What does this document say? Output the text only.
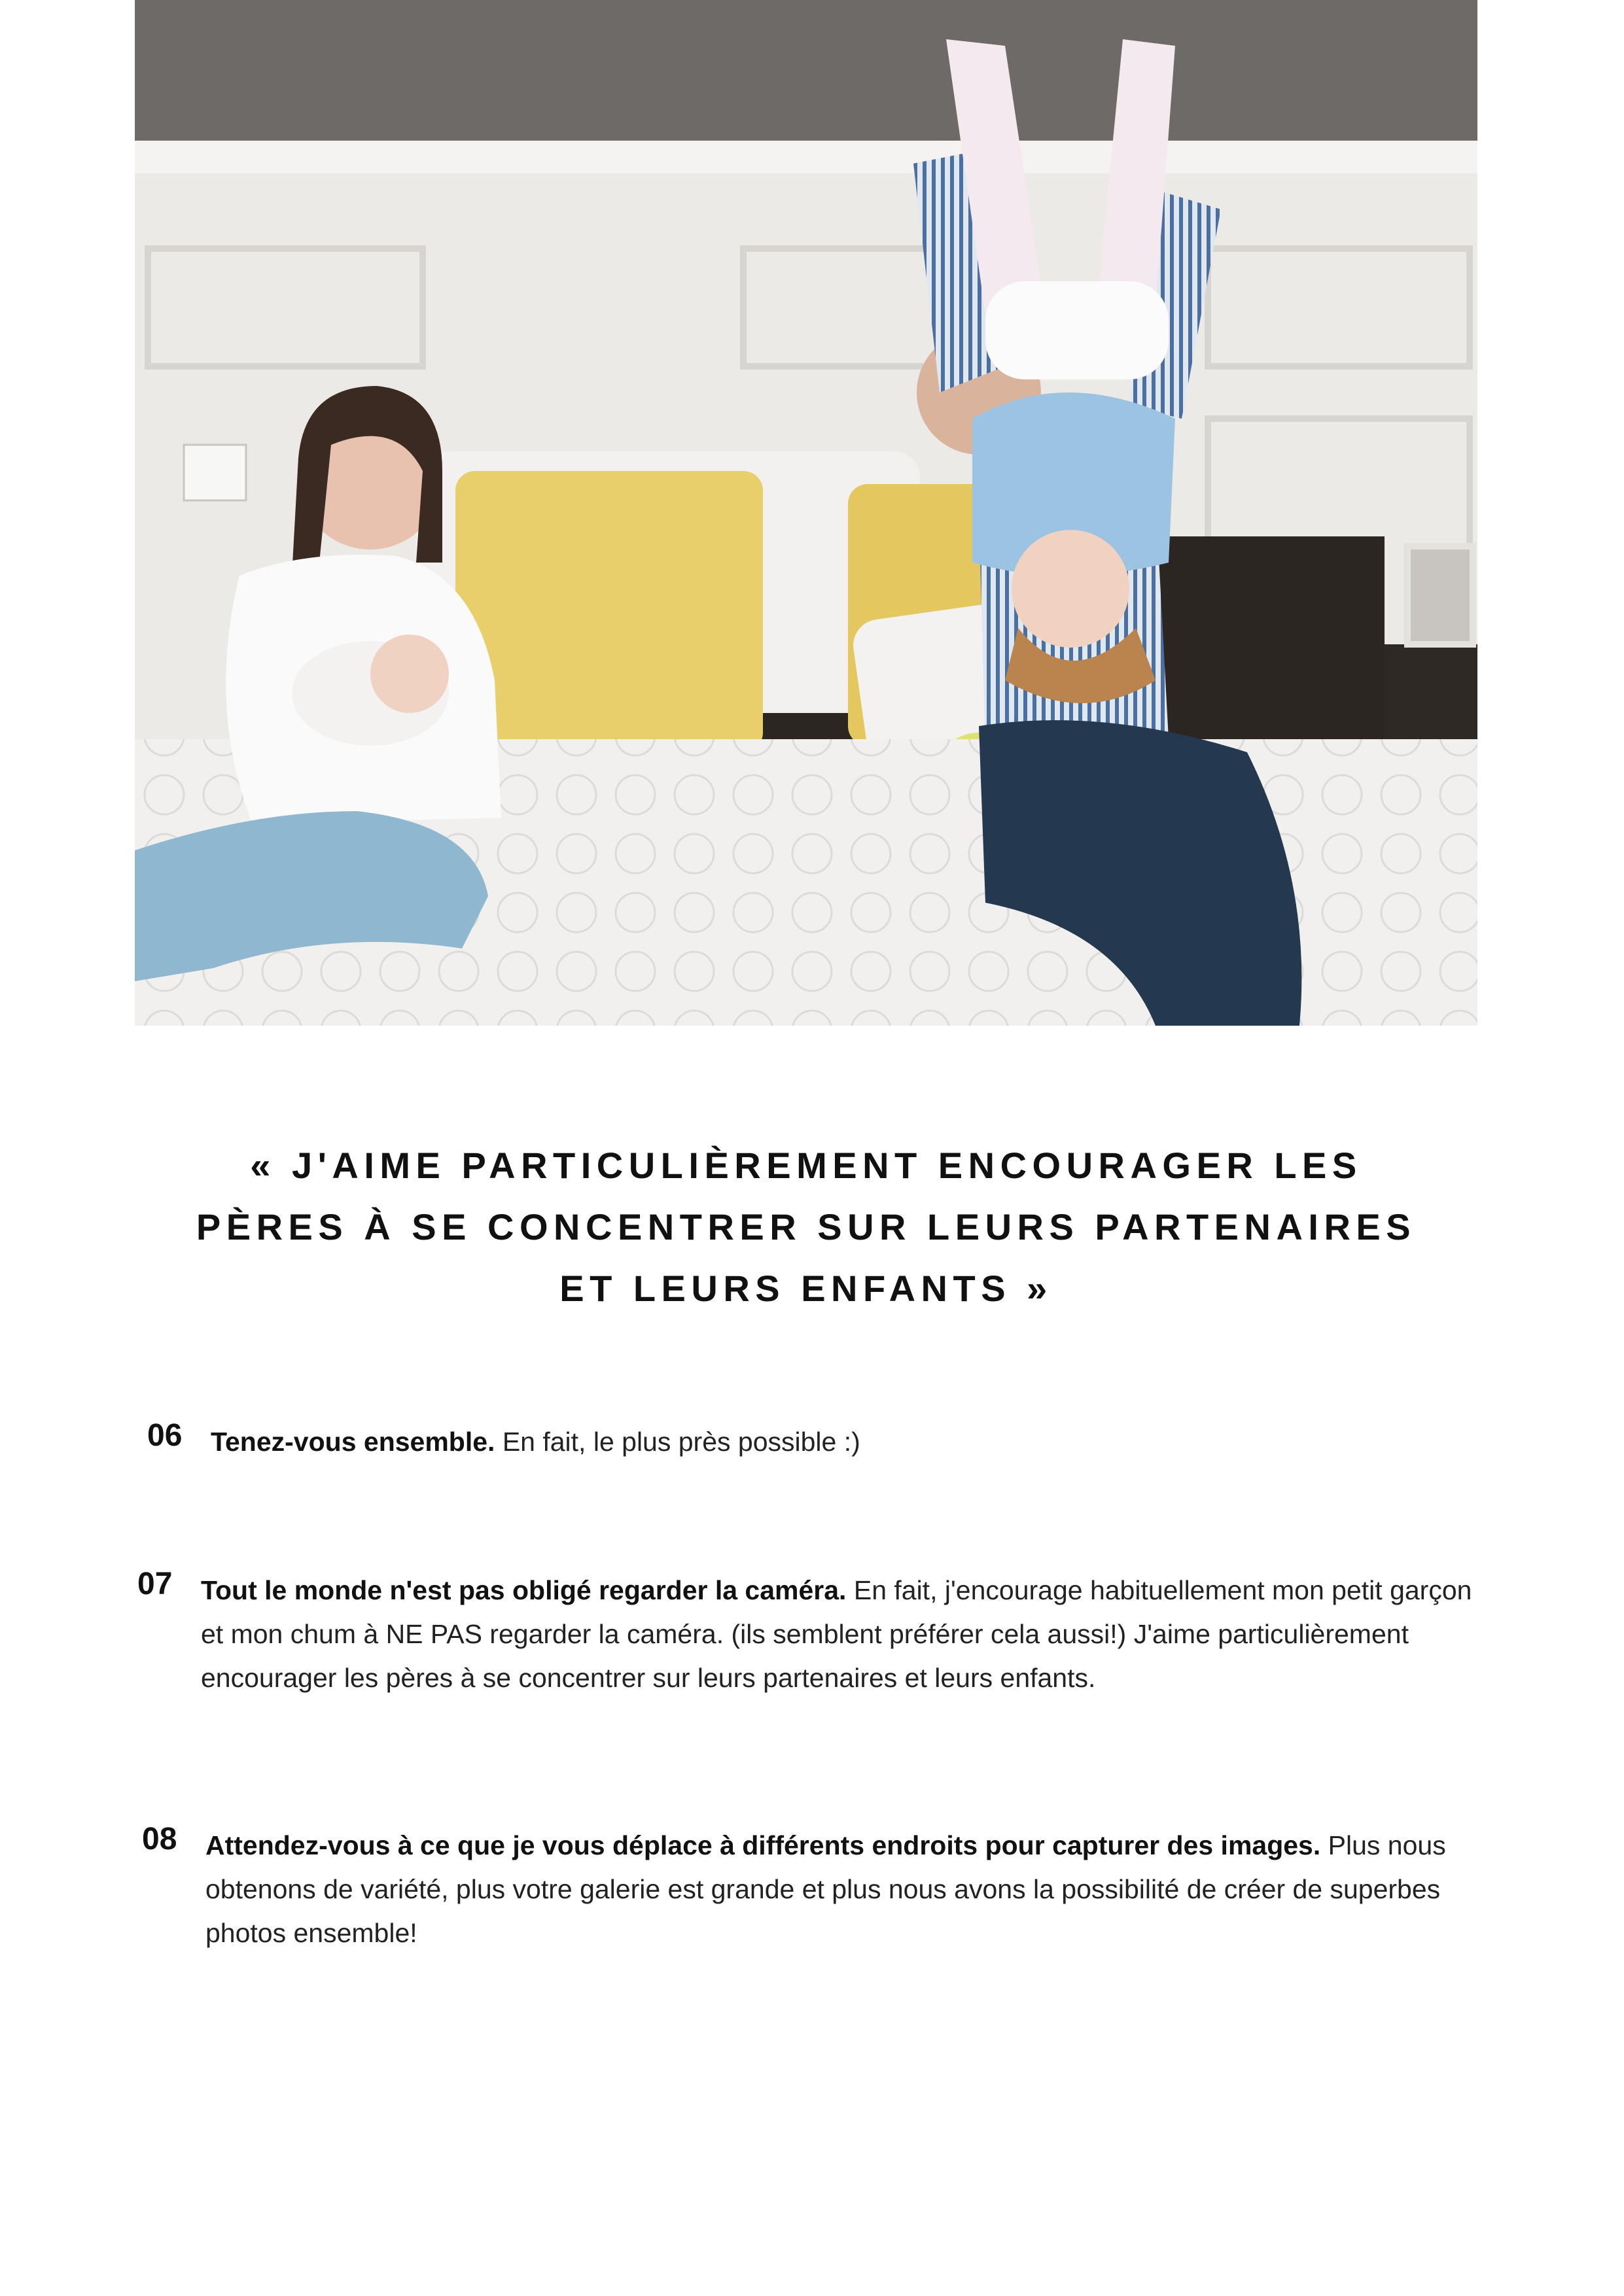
« J'AIME PARTICULIÈREMENT ENCOURAGER LES
PÈRES À SE CONCENTRER SUR LEURS PARTENAIRES
ET LEURS ENFANTS »
06 Tenez-vous ensemble. En fait, le plus près possible :)
07 Tout le monde n'est pas obligé regarder la caméra. En fait, j'encourage habituellement mon petit garçon et mon chum à NE PAS regarder la caméra. (ils semblent préférer cela aussi!) J'aime particulièrement encourager les pères à se concentrer sur leurs partenaires et leurs enfants.
08 Attendez-vous à ce que je vous déplace à différents endroits pour capturer des images. Plus nous obtenons de variété, plus votre galerie est grande et plus nous avons la possibilité de créer de superbes photos ensemble!
